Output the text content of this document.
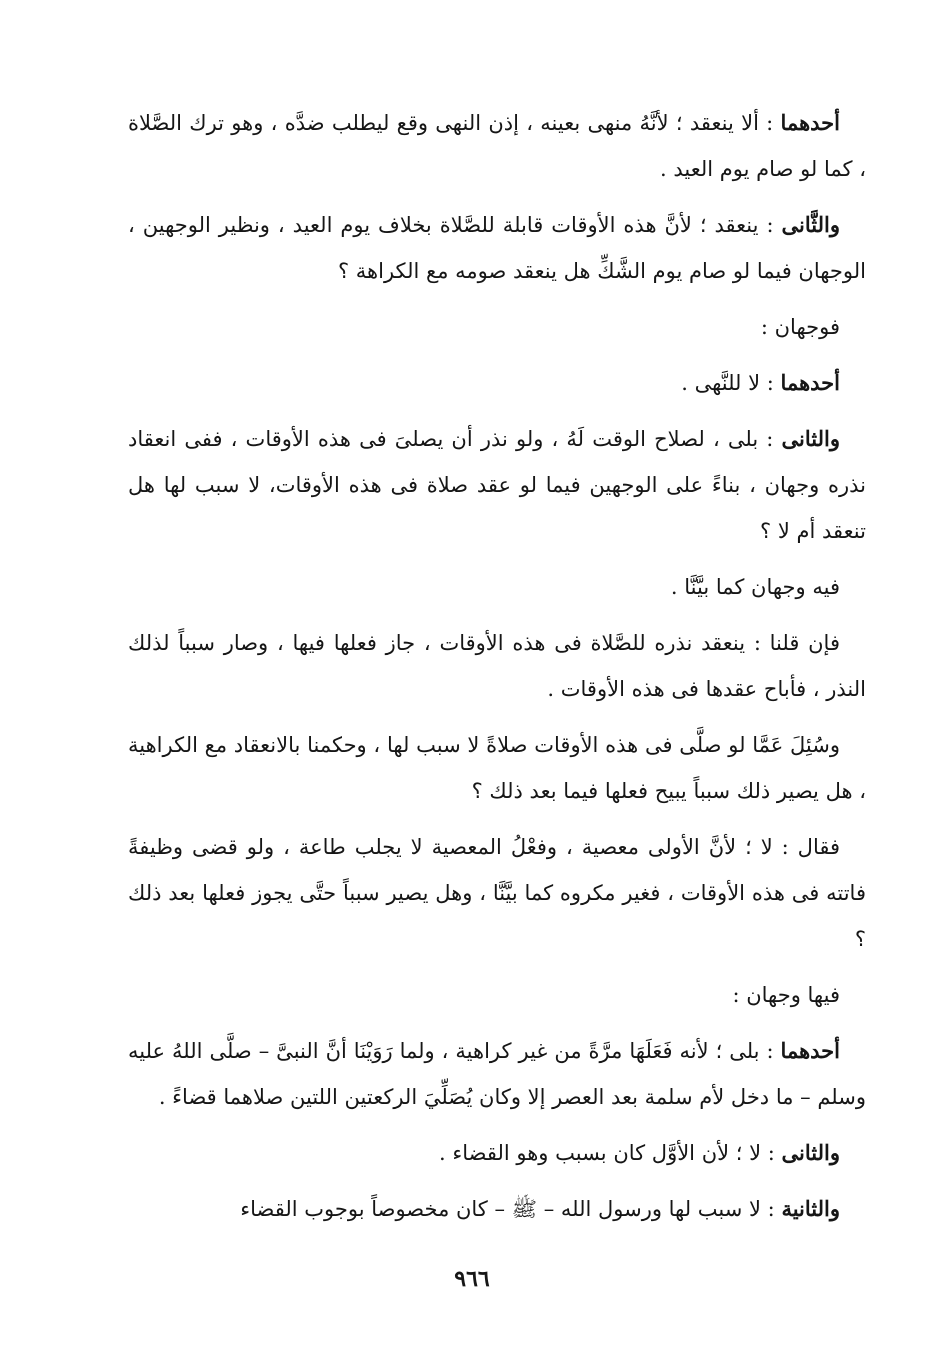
أحدهما : ألا ينعقد ؛ لأنَّهُ منهى بعينه ، إذن النهى وقع ليطلب ضدَّه ، وهو ترك الصَّلاة ، كما لو صام يوم العيد .

والثَّانى : ينعقد ؛ لأنَّ هذه الأوقات قابلة للصَّلاة بخلاف يوم العيد ، ونظير الوجهين ، الوجهان فيما لو صام يوم الشَّكِّ هل ينعقد صومه مع الكراهة ؟

فوجهان :

أحدهما : لا للنَّهى .

والثانى : بلى ، لصلاح الوقت لَهُ ، ولو نذر أن يصلىَ فى هذه الأوقات ، ففى انعقاد نذره وجهان ، بناءً على الوجهين فيما لو عقد صلاة فى هذه الأوقات، لا سبب لها هل تنعقد أم لا ؟

فيه وجهان كما بيَّنَّا .

فإن قلنا : ينعقد نذره للصَّلاة فى هذه الأوقات ، جاز فعلها فيها ، وصار سبباً لذلك النذر ، فأباح عقدها فى هذه الأوقات .

وسُئِلَ عَمَّا لو صلَّى فى هذه الأوقات صلاةً لا سبب لها ، وحكمنا بالانعقاد مع الكراهية ، هل يصير ذلك سبباً يبيح فعلها فيما بعد ذلك ؟

فقال : لا ؛ لأنَّ الأولى معصية ، وفعْلُ المعصية لا يجلب طاعة ، ولو قضى وظيفةً فاتته فى هذه الأوقات ، فغير مكروه كما بيَّنَّا ، وهل يصير سبباً حتَّى يجوز فعلها بعد ذلك ؟

فيها وجهان :

أحدهما : بلى ؛ لأنه فَعَلَهَا مرَّةً من غير كراهية ، ولما رَوَيْنَا أنَّ النبىَّ – صلَّى اللهُ عليه وسلم – ما دخل لأم سلمة بعد العصر إلا وكان يُصَلِّيَ الركعتين اللتين صلاهما قضاءً .

والثانى : لا ؛ لأن الأوَّل كان بسبب وهو القضاء .

والثانية : لا سبب لها ورسول الله – ﷺ – كان مخصوصاً بوجوب القضاء

٩٦٦
